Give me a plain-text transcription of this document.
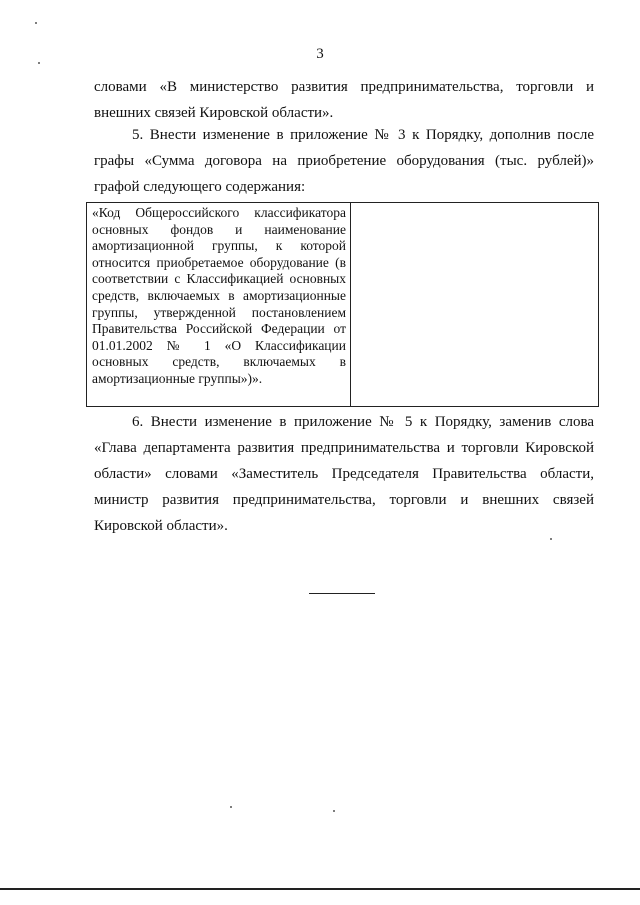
3

словами «В министерство развития предпринимательства, торговли и внешних связей Кировской области».

5. Внести изменение в приложение № 3 к Порядку, дополнив после графы «Сумма договора на приобретение оборудования (тыс. рублей)» графой следующего содержания:

«Код Общероссийского классификатора основных фондов и наименование амортизационной группы, к которой относится приобретаемое оборудование (в соответствии с Классификацией основных средств, включаемых в амортизационные группы, утвержденной постановлением Правительства Российской Федерации от 01.01.2002 № 1 «О Классификации основных средств, включаемых в амортизационные группы»)».	

6. Внести изменение в приложение № 5 к Порядку, заменив слова «Глава департамента развития предпринимательства и торговли Кировской области» словами «Заместитель Председателя Правительства области, министр развития предпринимательства, торговли и внешних связей Кировской области».
